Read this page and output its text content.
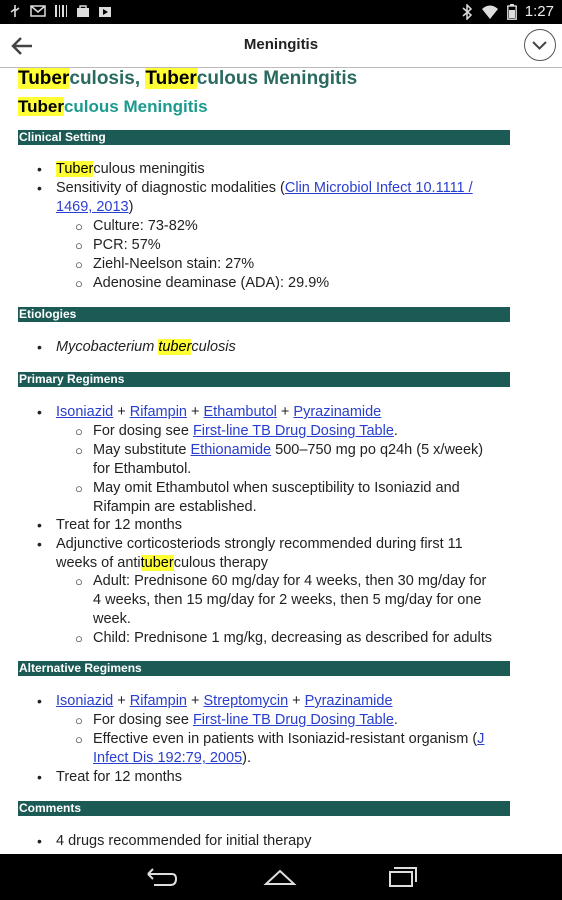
1:27
Meningitis
Tuberculosis, Tuberculous Meningitis
Tuberculous Meningitis
Clinical Setting
• Tuberculous meningitis
• Sensitivity of diagnostic modalities (Clin Microbiol Infect 10.1111 /
1469, 2013)
○ Culture: 73-82%
○ PCR: 57%
○ Ziehl-Neelson stain: 27%
○ Adenosine deaminase (ADA): 29.9%
Etiologies
• Mycobacterium tuberculosis
Primary Regimens
• Isoniazid + Rifampin + Ethambutol + Pyrazinamide
○ For dosing see First-line TB Drug Dosing Table.
○ May substitute Ethionamide 500–750 mg po q24h (5 x/week)
for Ethambutol.
○ May omit Ethambutol when susceptibility to Isoniazid and
Rifampin are established.
• Treat for 12 months
• Adjunctive corticosteriods strongly recommended during first 11
weeks of antituberculous therapy
○ Adult: Prednisone 60 mg/day for 4 weeks, then 30 mg/day for
4 weeks, then 15 mg/day for 2 weeks, then 5 mg/day for one
week.
○ Child: Prednisone 1 mg/kg, decreasing as described for adults
Alternative Regimens
• Isoniazid + Rifampin + Streptomycin + Pyrazinamide
○ For dosing see First-line TB Drug Dosing Table.
○ Effective even in patients with Isoniazid-resistant organism (J
Infect Dis 192:79, 2005).
• Treat for 12 months
Comments
• 4 drugs recommended for initial therapy
